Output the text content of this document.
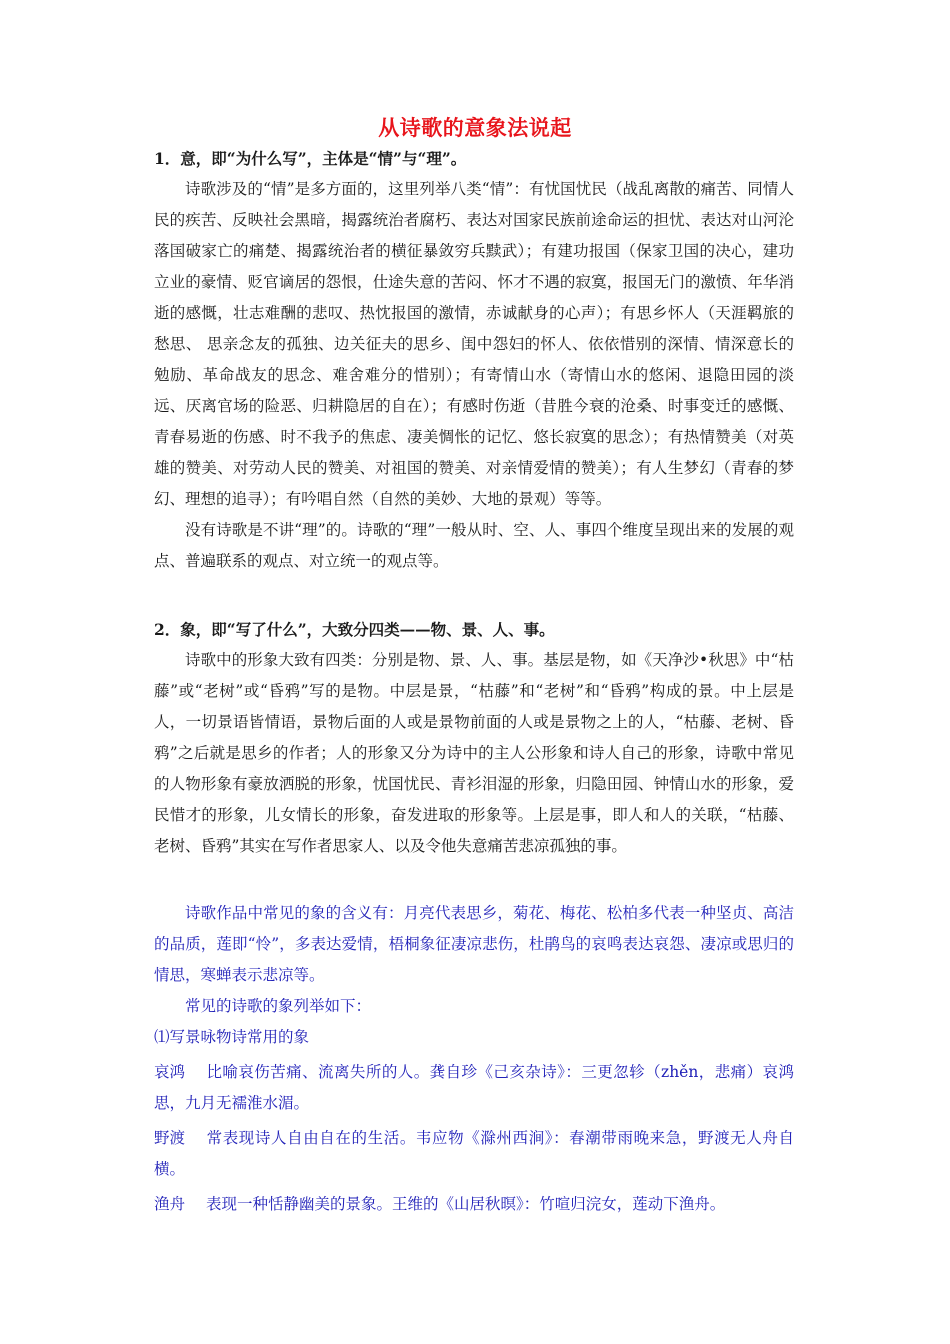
从诗歌的意象法说起

1．意，即“为什么写”，主体是“情”与“理”。

诗歌涉及的“情”是多方面的，这里列举八类“情”：有忧国忧民（战乱离散的痛苦、同情人民的疾苦、反映社会黑暗，揭露统治者腐朽、表达对国家民族前途命运的担忧、表达对山河沦落国破家亡的痛楚、揭露统治者的横征暴敛穷兵黩武）；有建功报国（保家卫国的决心，建功立业的豪情、贬官谪居的怨恨，仕途失意的苦闷、怀才不遇的寂寞，报国无门的激愤、年华消逝的感慨，壮志难酬的悲叹、热忱报国的激情，赤诚献身的心声）；有思乡怀人（天涯羁旅的愁思、 思亲念友的孤独、边关征夫的思乡、闺中怨妇的怀人、依依惜别的深情、情深意长的勉励、革命战友的思念、难舍难分的惜别）；有寄情山水（寄情山水的悠闲、退隐田园的淡远、厌离官场的险恶、归耕隐居的自在）；有感时伤逝（昔胜今衰的沧桑、时事变迁的感慨、青春易逝的伤感、时不我予的焦虑、凄美惆怅的记忆、悠长寂寞的思念）；有热情赞美（对英雄的赞美、对劳动人民的赞美、对祖国的赞美、对亲情爱情的赞美）；有人生梦幻（青春的梦幻、理想的追寻）；有吟唱自然（自然的美妙、大地的景观）等等。

没有诗歌是不讲“理”的。诗歌的“理”一般从时、空、人、事四个维度呈现出来的发展的观点、普遍联系的观点、对立统一的观点等。

2．象，即“写了什么”，大致分四类——物、景、人、事。

诗歌中的形象大致有四类：分别是物、景、人、事。基层是物，如《天净沙•秋思》中“枯藤”或“老树”或“昏鸦”写的是物。中层是景，“枯藤”和“老树”和“昏鸦”构成的景。中上层是人，一切景语皆情语，景物后面的人或是景物前面的人或是景物之上的人，“枯藤、老树、昏鸦”之后就是思乡的作者；人的形象又分为诗中的主人公形象和诗人自己的形象，诗歌中常见的人物形象有豪放洒脱的形象，忧国忧民、青衫泪湿的形象，归隐田园、钟情山水的形象，爱民惜才的形象，儿女情长的形象，奋发进取的形象等。上层是事，即人和人的关联，“枯藤、老树、昏鸦”其实在写作者思家人、以及令他失意痛苦悲凉孤独的事。

诗歌作品中常见的象的含义有：月亮代表思乡，菊花、梅花、松柏多代表一种坚贞、高洁的品质，莲即“怜”，多表达爱情，梧桐象征凄凉悲伤，杜鹃鸟的哀鸣表达哀怨、凄凉或思归的情思，寒蝉表示悲凉等。

常见的诗歌的象列举如下：

⑴写景咏物诗常用的象

哀鸿 比喻哀伤苦痛、流离失所的人。龚自珍《己亥杂诗》：三更忽轸（zhěn，悲痛）哀鸿思，九月无襦淮水湄。

野渡 常表现诗人自由自在的生活。韦应物《滁州西涧》：春潮带雨晚来急，野渡无人舟自横。

渔舟 表现一种恬静幽美的景象。王维的《山居秋暝》：竹喧归浣女，莲动下渔舟。
